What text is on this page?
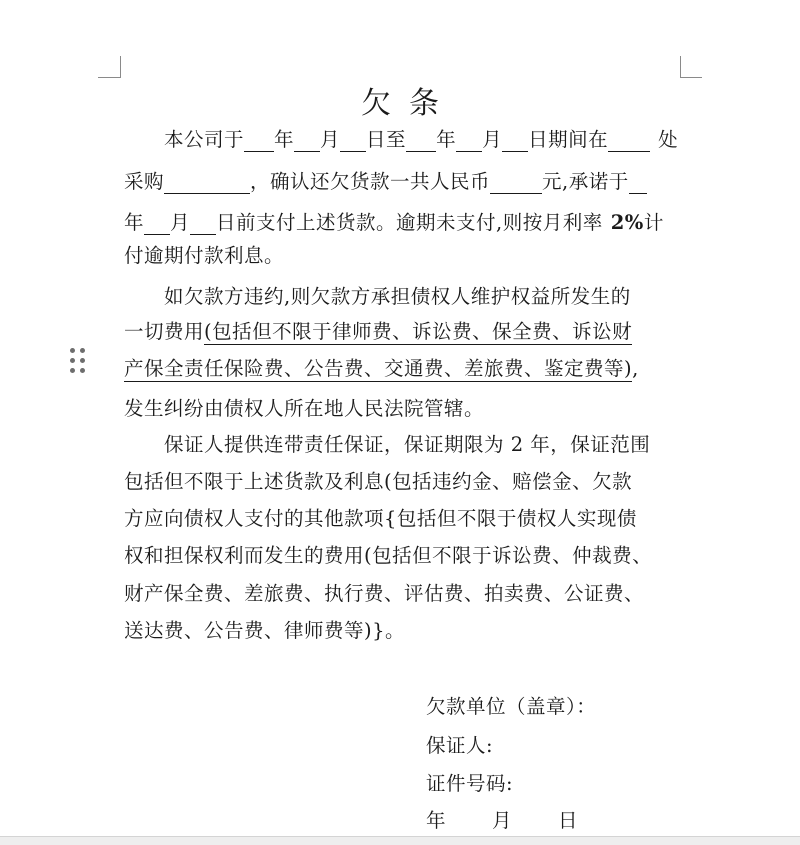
欠条
本公司于 年 月 日至 年 月 日期间在	处
采购	，确认还欠货款一共人民币	元,承诺于
年 月 日前支付上述货款。逾期未支付,则按月利率 2%计
付逾期付款利息。
如欠款方违约,则欠款方承担债权人维护权益所发生的
一切费用(包括但不限于律师费、诉讼费、保全费、诉讼财
产保全责任保险费、公告费、交通费、差旅费、鉴定费等),
发生纠纷由债权人所在地人民法院管辖。
保证人提供连带责任保证，保证期限为 2 年，保证范围
包括但不限于上述货款及利息(包括违约金、赔偿金、欠款
方应向债权人支付的其他款项{包括但不限于债权人实现债
权和担保权利而发生的费用(包括但不限于诉讼费、仲裁费、
财产保全费、差旅费、执行费、评估费、拍卖费、公证费、
送达费、公告费、律师费等)}。
欠款单位（盖章）：
保证人:
证件号码:
年 月 日
